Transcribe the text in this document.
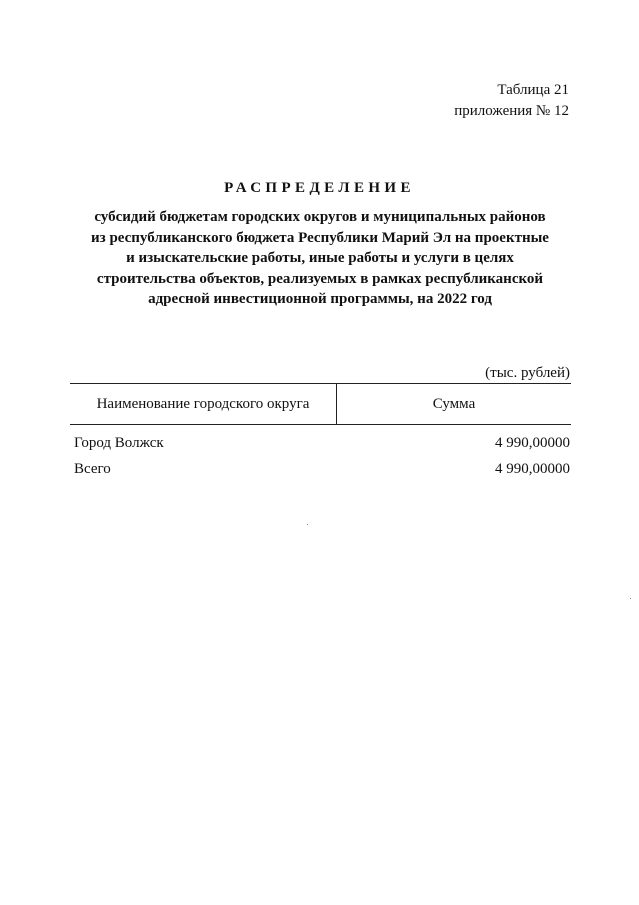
Таблица 21
приложения № 12
РАСПРЕДЕЛЕНИЕ
субсидий бюджетам городских округов и муниципальных районов
из республиканского бюджета Республики Марий Эл на проектные
и изыскательские работы, иные работы и услуги в целях
строительства объектов, реализуемых в рамках республиканской
адресной инвестиционной программы, на 2022 год
(тыс. рублей)
Наименование городского округа	Сумма
Город Волжск	4 990,00000
Всего	4 990,00000
